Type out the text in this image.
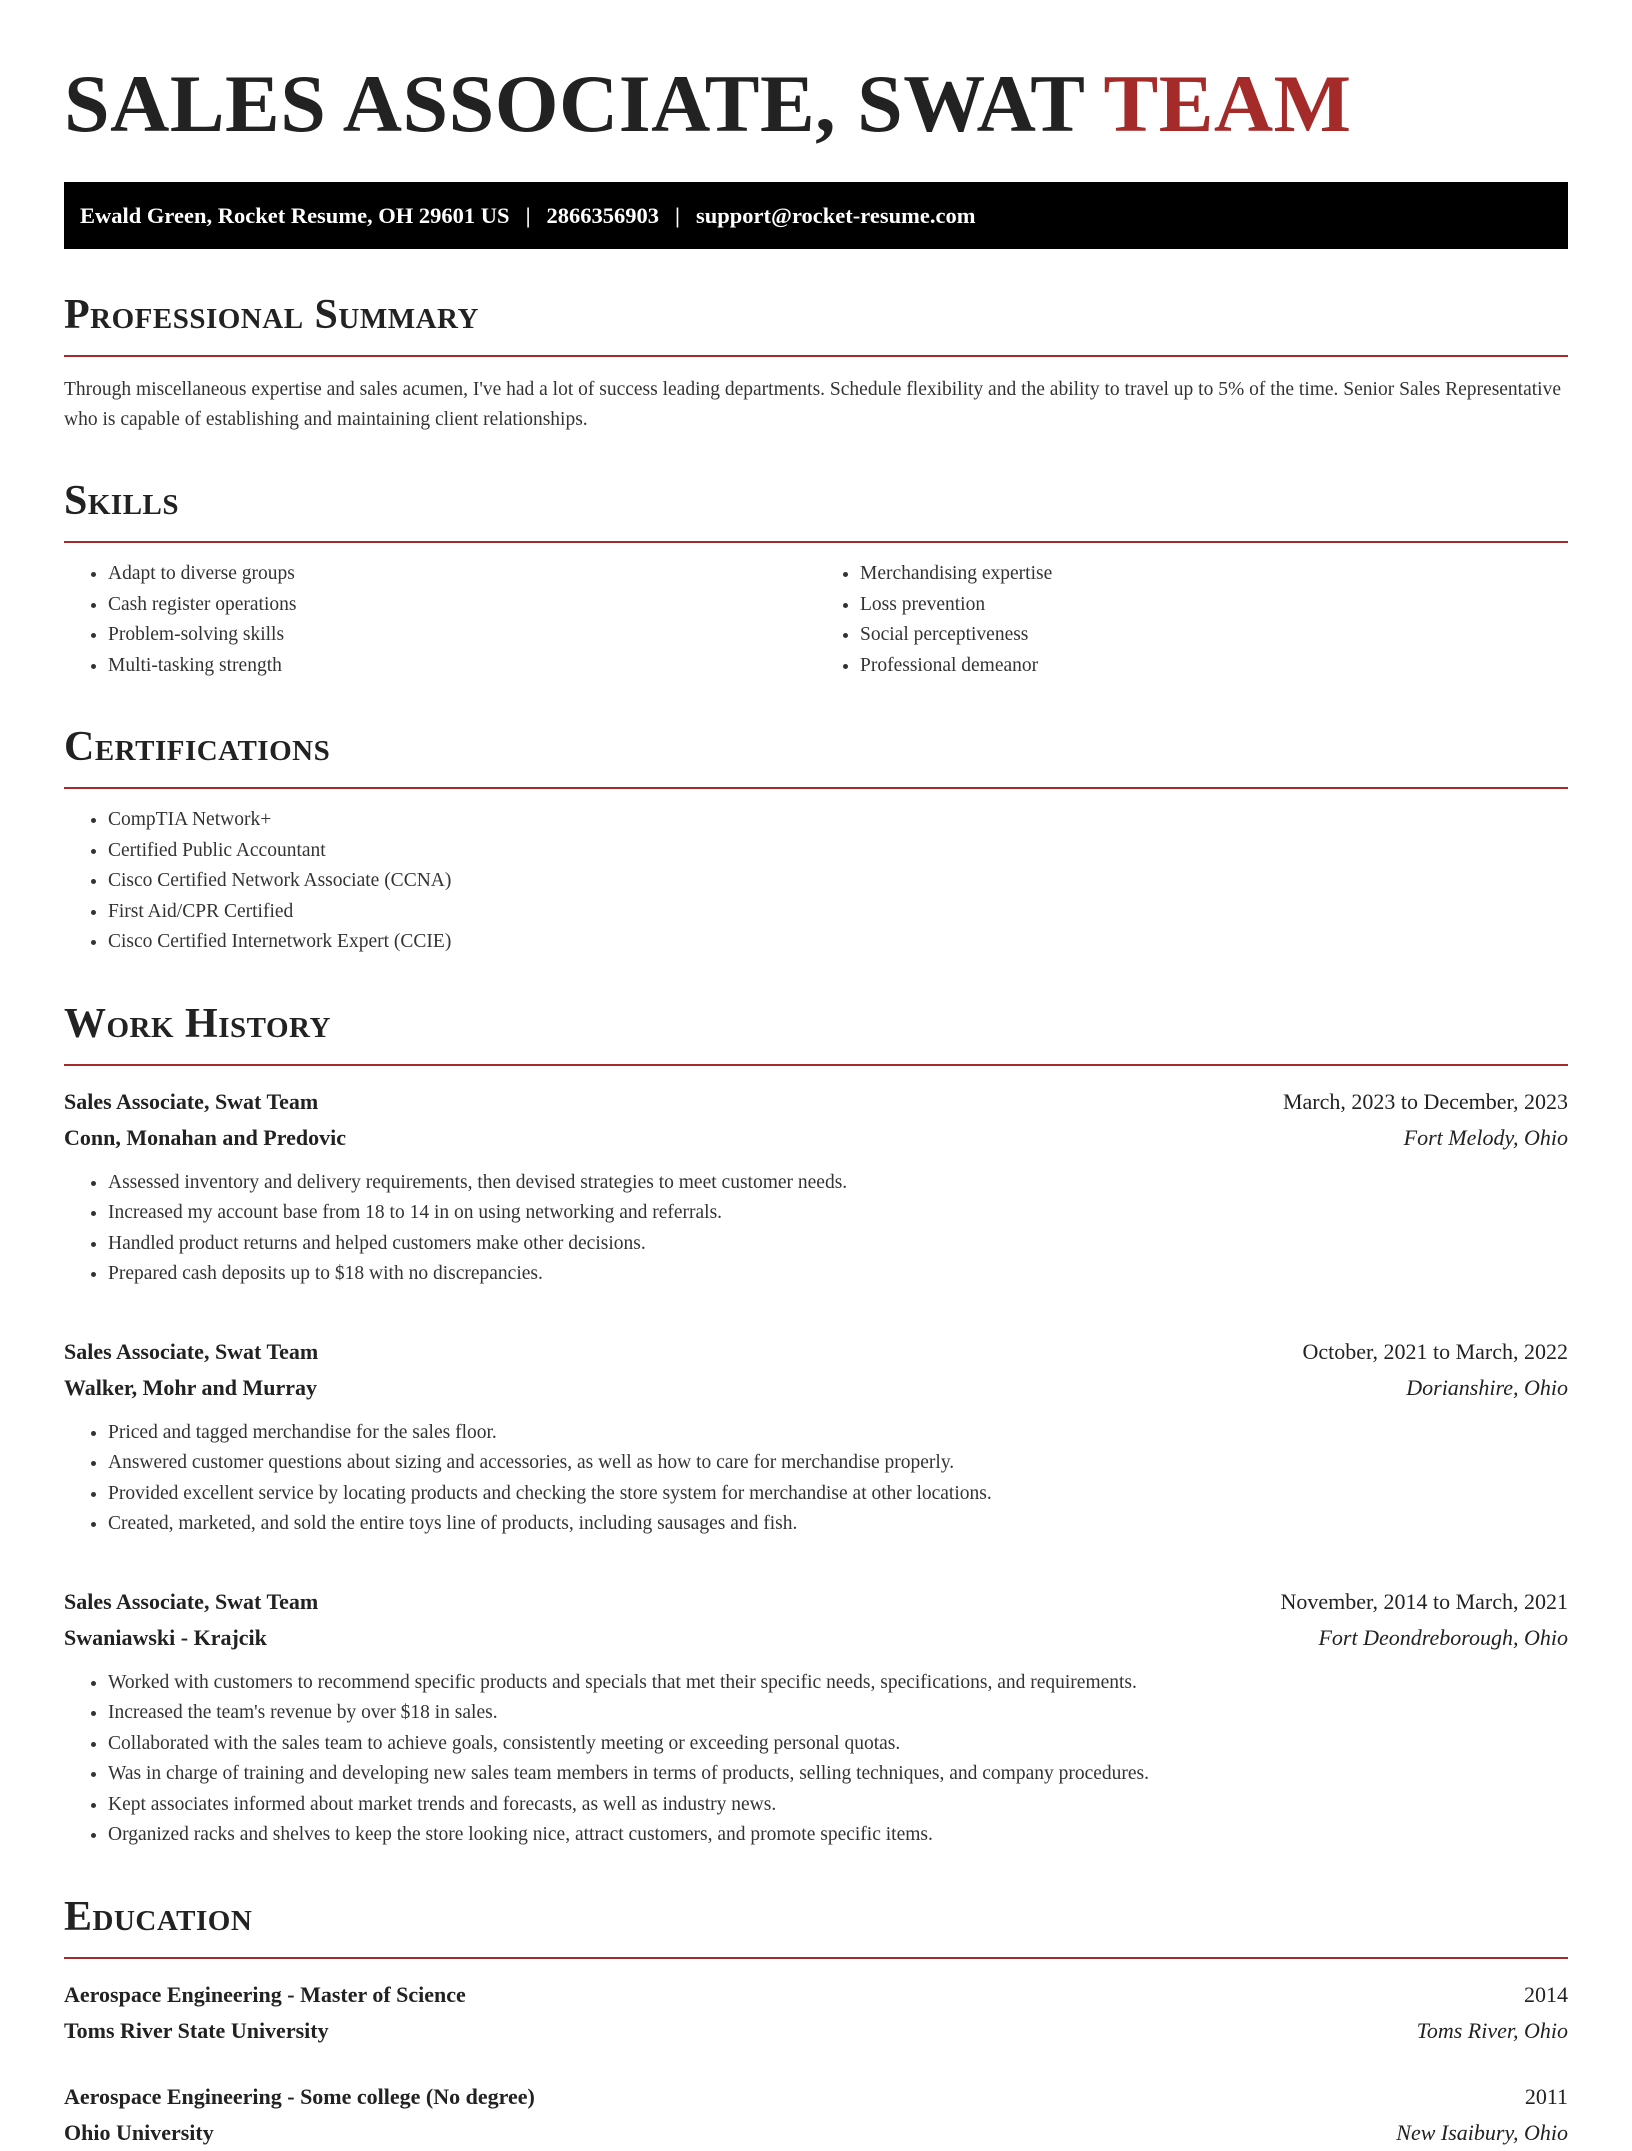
SALES ASSOCIATE, SWAT TEAM
Ewald Green, Rocket Resume, OH 29601 US | 2866356903 | support@rocket-resume.com
Professional Summary

Through miscellaneous expertise and sales acumen, I've had a lot of success leading departments. Schedule flexibility and the ability to travel up to 5% of the time. Senior Sales Representative who is capable of establishing and maintaining client relationships.

Skills
• Adapt to diverse groups
• Cash register operations
• Problem-solving skills
• Multi-tasking strength
• Merchandising expertise
• Loss prevention
• Social perceptiveness
• Professional demeanor
Certifications
• CompTIA Network+
• Certified Public Accountant
• Cisco Certified Network Associate (CCNA)
• First Aid/CPR Certified
• Cisco Certified Internetwork Expert (CCIE)
Work History
Sales Associate, Swat Team	March, 2023 to December, 2023
Conn, Monahan and Predovic	Fort Melody, Ohio
• Assessed inventory and delivery requirements, then devised strategies to meet customer needs.
• Increased my account base from 18 to 14 in on using networking and referrals.
• Handled product returns and helped customers make other decisions.
• Prepared cash deposits up to $18 with no discrepancies.
Sales Associate, Swat Team	October, 2021 to March, 2022
Walker, Mohr and Murray	Dorianshire, Ohio
• Priced and tagged merchandise for the sales floor.
• Answered customer questions about sizing and accessories, as well as how to care for merchandise properly.
• Provided excellent service by locating products and checking the store system for merchandise at other locations.
• Created, marketed, and sold the entire toys line of products, including sausages and fish.
Sales Associate, Swat Team	November, 2014 to March, 2021
Swaniawski - Krajcik	Fort Deondreborough, Ohio
• Worked with customers to recommend specific products and specials that met their specific needs, specifications, and requirements.
• Increased the team's revenue by over $18 in sales.
• Collaborated with the sales team to achieve goals, consistently meeting or exceeding personal quotas.
• Was in charge of training and developing new sales team members in terms of products, selling techniques, and company procedures.
• Kept associates informed about market trends and forecasts, as well as industry news.
• Organized racks and shelves to keep the store looking nice, attract customers, and promote specific items.
Education
Aerospace Engineering - Master of Science	2014
Toms River State University	Toms River, Ohio
Aerospace Engineering - Some college (No degree)	2011
Ohio University	New Isaibury, Ohio
